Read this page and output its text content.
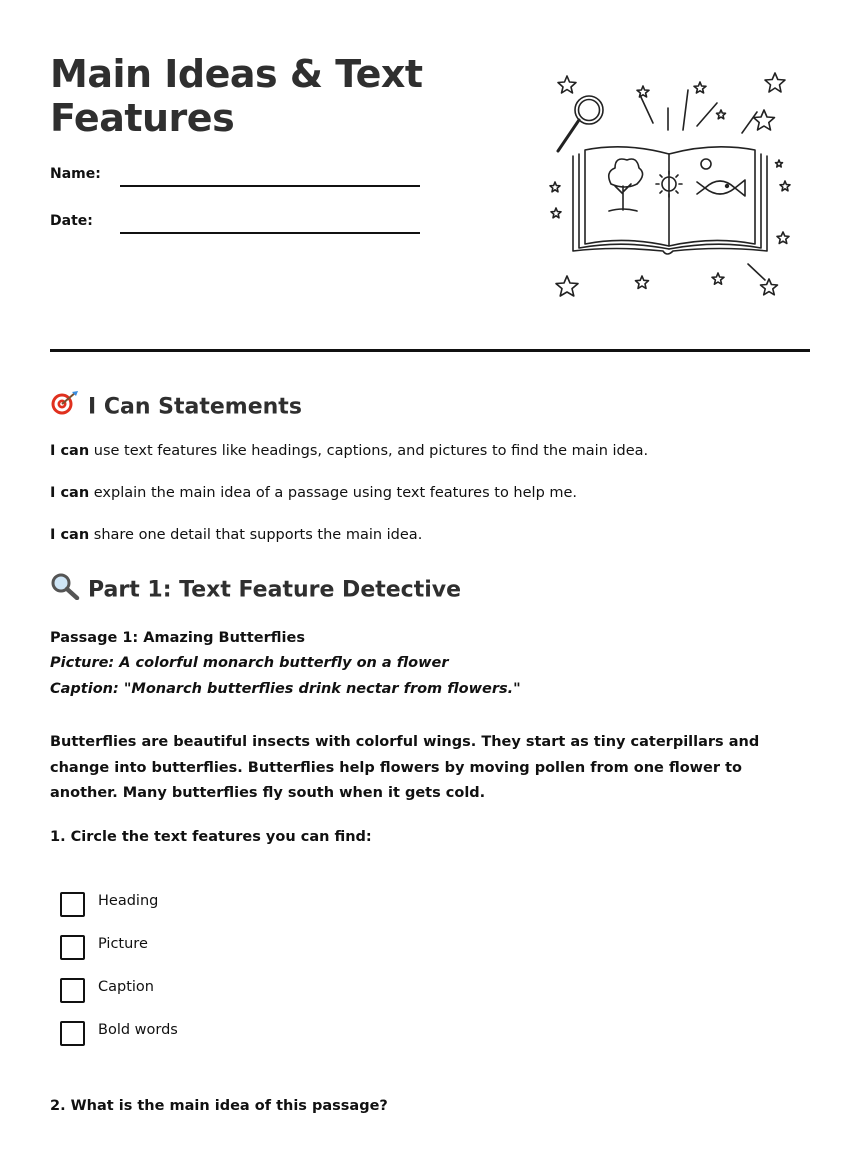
Main Ideas & Text Features
Name:
Date:
I Can Statements
I can use text features like headings, captions, and pictures to find the main idea.
I can explain the main idea of a passage using text features to help me.
I can share one detail that supports the main idea.
Part 1: Text Feature Detective
Passage 1: Amazing Butterflies
Picture: A colorful monarch butterfly on a flower
Caption: "Monarch butterflies drink nectar from flowers."
Butterflies are beautiful insects with colorful wings. They start as tiny caterpillars and change into butterflies. Butterflies help flowers by moving pollen from one flower to another. Many butterflies fly south when it gets cold.
1. Circle the text features you can find:
Heading
Picture
Caption
Bold words
2. What is the main idea of this passage?
